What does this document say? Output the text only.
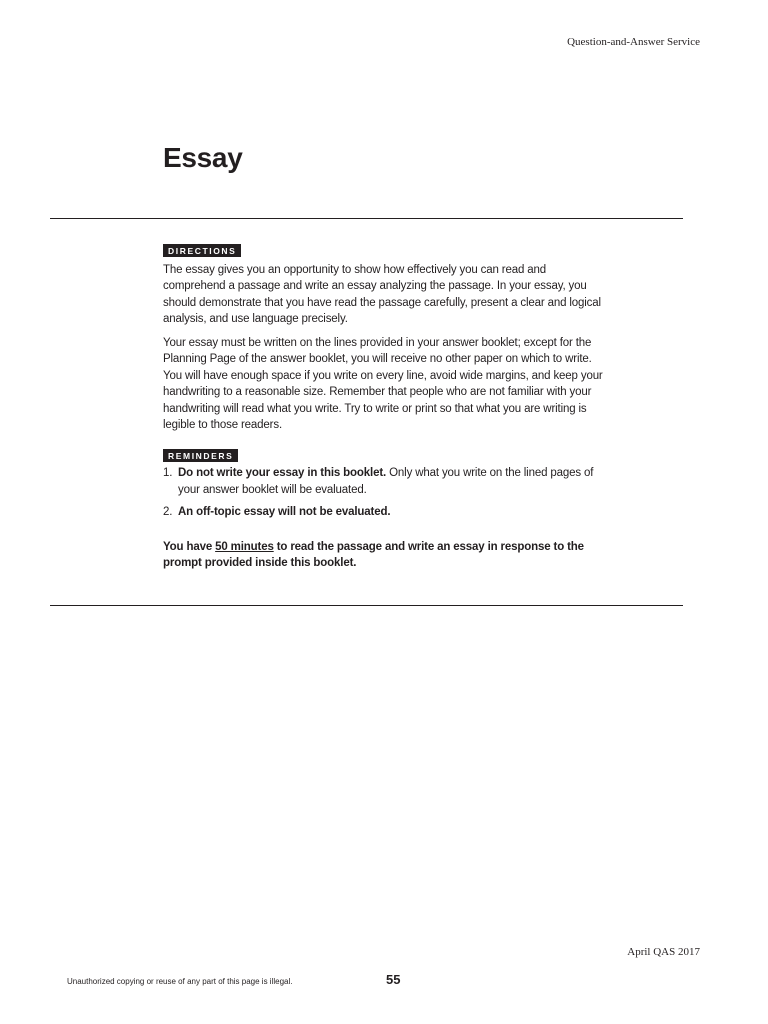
Question-and-Answer Service
Essay
DIRECTIONS

The essay gives you an opportunity to show how effectively you can read and comprehend a passage and write an essay analyzing the passage. In your essay, you should demonstrate that you have read the passage carefully, present a clear and logical analysis, and use language precisely.

Your essay must be written on the lines provided in your answer booklet; except for the Planning Page of the answer booklet, you will receive no other paper on which to write. You will have enough space if you write on every line, avoid wide margins, and keep your handwriting to a reasonable size. Remember that people who are not familiar with your handwriting will read what you write. Try to write or print so that what you are writing is legible to those readers.

REMINDERS
1. Do not write your essay in this booklet. Only what you write on the lined pages of your answer booklet will be evaluated.
2. An off-topic essay will not be evaluated.

You have 50 minutes to read the passage and write an essay in response to the prompt provided inside this booklet.

April QAS 2017
Unauthorized copying or reuse of any part of this page is illegal.	55
